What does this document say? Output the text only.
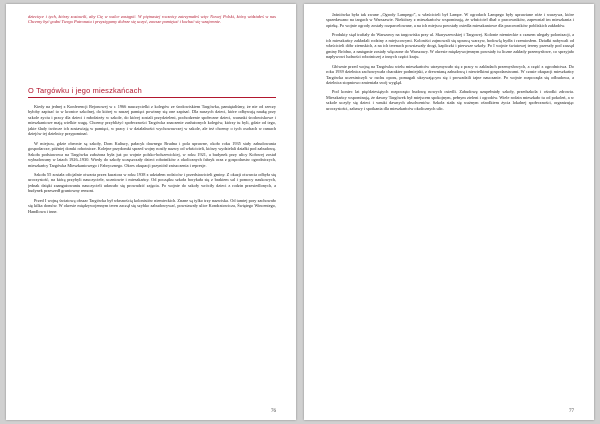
dziecięce i tych, którzy zostawili, aby Cię w walce zastąpić. W piętnastej rocznicy zatrzymałeś więc Nowej Polski, którą widziałeś w nas Chcemy być godni Twego Patronatu i przysięgamy dobrze się uczyć, zawsze pamiętać i kochać się wzajemnie.
O Targówku i jego mieszkańcach

Kiedy na jednej z Konferencji Rejonowej w r. 1966 nauczycielki z kolegów ze środowiskiem Targówka, pamiętaliśmy, że nie od rzeczy byłoby zapisać to w kronice szkolnej, do której w naszej pamięci powinny się one zapisać. Dla naszych dzieci, które odbywają naukę przy szkole zyciu i pracy dla dzieci i młodzieży w szkole, do której zostali przydzieleni, pochodzenie społeczne dzieci, warunki środowiskowe i mieszkaniowe mają wielkie wagę. Chcemy przybliżyć społeczności Targówka znaczenie zasłużonych kolegów, którzy tu byli, gdzie od tego, jakie ślady twórcze ich zostawiają w pamięci, w pracy i w działalności wychowawczej w szkole, ale też chcemy o tych osobach w ramach dziejów tej dzielnicy przypominać.

W miejscu, gdzie obecnie są szkoły, Dom Kultury, pałacyk dawnego Brudna i pola uprawne, około roku 1935 stały zabudowania gospodarcze, później domki robotnicze. Kolejne przydomki sprzed wojny nosiły nazwy od właścicieli, którzy wydzielali działki pod zabudowę. Szkoła podstawowa na Targówku założona była już po wojnie polsko-bolszewickiej, w roku 1921, a budynek przy ulicy Kołowej został wybudowany w latach 1926–1930. Wtedy do szkoły uczęszczały dzieci robotników z okolicznych fabryk oraz z gospodarstw ogrodniczych, mieszkańcy Targówka Mieszkaniowego i Fabrycznego. Okres okupacji przyniósł zniszczenia i represje.

Szkoła 55 została oficjalnie otwarta przez kuratora w roku 1938 z udziałem rodziców i przedstawicieli gminy. Z okazji otwarcia odbyła się uroczystość, na którą przybyli nauczyciele, uczniowie i mieszkańcy. Od początku szkoła borykała się z brakiem sal i pomocy naukowych, jednak dzięki zaangażowaniu nauczycieli udawało się prowadzić zajęcia. Po wojnie do szkoły wróciły dzieci z rodzin przesiedlonych, a budynek przeszedł gruntowny remont.

Przed I wojną światową obszar Targówka był własnością kolonistów niemieckich. Znane są tylko trzy nazwiska. Od tamtej pory zachowało się kilka domów. W okresie międzywojennym teren zaczął się szybko zabudowywać, powstawały ulice Kondratowicza, Świętego Wincentego, Handlowa i inne.

76

Jaśniówka była tak zwane „Ogrody Lampego”, u właścicieli był Lampe. W ogrodach Lampego były uprawiane róże i warzywa, które sprzedawano na targach w Warszawie. Niektórzy z mieszkańców wspominają, że właściciel dbał o pracowników, zapewniał im mieszkania i opiekę. Po wojnie ogrody zostały rozparcelowane, a na ich miejscu powstały osiedla mieszkaniowe dla pracowników pobliskich zakładów.

Produkty stąd trafiały do Warszawy na targowiska przy ul. Skaryszewskiej i Targowej. Kolonie niemieckie z czasem ulegały polonizacji, a ich mieszkańcy zakładali rodziny z miejscowymi. Koloniści zajmowali się uprawą warzyw, hodowlą bydła i rzemiosłem. Działki nabywali od właścicieli dóbr ziemskich, a na ich terenach powstawały drogi, kapliczki i pierwsze szkoły. Po I wojnie światowej tereny przeszły pod zarząd gminy Bródno, a następnie zostały włączone do Warszawy. W okresie międzywojennym powstały tu liczne zakłady przemysłowe, co sprzyjało napływowi ludności robotniczej z innych części kraju.

Głównie przed wojną na Targówku wielu mieszkańców utrzymywało się z pracy w zakładach przemysłowych, a część z ogrodnictwa. Do roku 1939 dzielnica zachowywała charakter podmiejski, z drewnianą zabudową i niewielkimi gospodarstwami. W czasie okupacji mieszkańcy Targówka uczestniczyli w ruchu oporu, pomagali ukrywającym się i prowadzili tajne nauczanie. Po wojnie rozpoczęła się odbudowa, a dzielnica stopniowo zmieniała swój wygląd.

Pod koniec lat pięćdziesiątych rozpoczęto budowę nowych osiedli. Zabudowę uzupełniały szkoły, przedszkola i ośrodki zdrowia. Mieszkańcy wspominają, że dawny Targówek był miejscem spokojnym, pełnym zieleni i ogrodów. Wiele rodzin mieszkało tu od pokoleń, a w szkole uczyły się dzieci i wnuki dawnych absolwentów. Szkoła stała się ważnym ośrodkiem życia lokalnej społeczności, organizując uroczystości, zabawy i spotkania dla mieszkańców okolicznych ulic.

77
